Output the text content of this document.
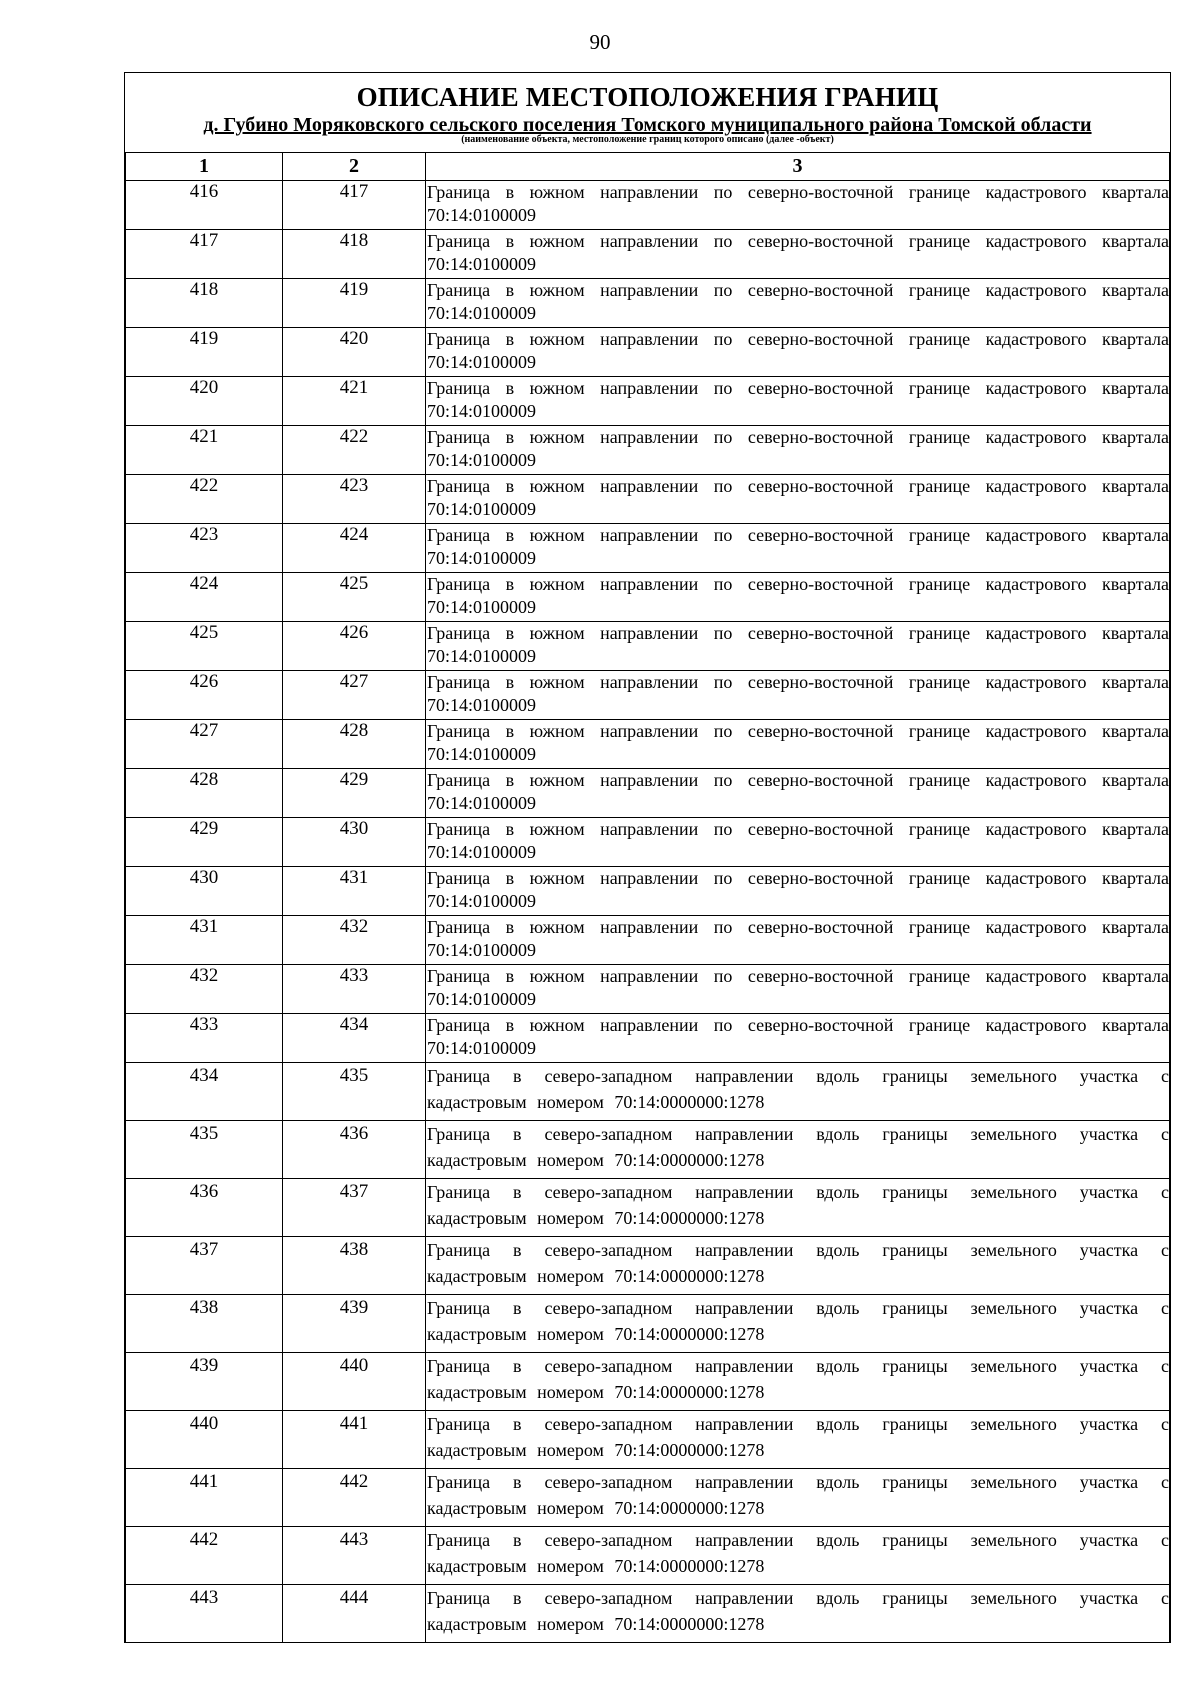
90
ОПИСАНИЕ МЕСТОПОЛОЖЕНИЯ ГРАНИЦ
д. Губино Моряковского сельского поселения Томского муниципального района Томской области
(наименование объекта, местоположение границ которого описано (далее -объект)
1	2	3
416	417	Граница в южном направлении по северно-восточной границе кадастрового квартала
70:14:0100009

417	418	Граница в южном направлении по северно-восточной границе кадастрового квартала
70:14:0100009

418	419	Граница в южном направлении по северно-восточной границе кадастрового квартала
70:14:0100009

419	420	Граница в южном направлении по северно-восточной границе кадастрового квартала
70:14:0100009

420	421	Граница в южном направлении по северно-восточной границе кадастрового квартала
70:14:0100009

421	422	Граница в южном направлении по северно-восточной границе кадастрового квартала
70:14:0100009

422	423	Граница в южном направлении по северно-восточной границе кадастрового квартала
70:14:0100009

423	424	Граница в южном направлении по северно-восточной границе кадастрового квартала
70:14:0100009

424	425	Граница в южном направлении по северно-восточной границе кадастрового квартала
70:14:0100009

425	426	Граница в южном направлении по северно-восточной границе кадастрового квартала
70:14:0100009

426	427	Граница в южном направлении по северно-восточной границе кадастрового квартала
70:14:0100009

427	428	Граница в южном направлении по северно-восточной границе кадастрового квартала
70:14:0100009

428	429	Граница в южном направлении по северно-восточной границе кадастрового квартала
70:14:0100009

429	430	Граница в южном направлении по северно-восточной границе кадастрового квартала
70:14:0100009

430	431	Граница в южном направлении по северно-восточной границе кадастрового квартала
70:14:0100009

431	432	Граница в южном направлении по северно-восточной границе кадастрового квартала
70:14:0100009

432	433	Граница в южном направлении по северно-восточной границе кадастрового квартала
70:14:0100009

433	434	Граница в южном направлении по северно-восточной границе кадастрового квартала
70:14:0100009

434	435	Граница в северо-западном направлении вдоль границы земельного участка с
кадастровым номером 70:14:0000000:1278

435	436	Граница в северо-западном направлении вдоль границы земельного участка с
кадастровым номером 70:14:0000000:1278

436	437	Граница в северо-западном направлении вдоль границы земельного участка с
кадастровым номером 70:14:0000000:1278

437	438	Граница в северо-западном направлении вдоль границы земельного участка с
кадастровым номером 70:14:0000000:1278

438	439	Граница в северо-западном направлении вдоль границы земельного участка с
кадастровым номером 70:14:0000000:1278

439	440	Граница в северо-западном направлении вдоль границы земельного участка с
кадастровым номером 70:14:0000000:1278

440	441	Граница в северо-западном направлении вдоль границы земельного участка с
кадастровым номером 70:14:0000000:1278

441	442	Граница в северо-западном направлении вдоль границы земельного участка с
кадастровым номером 70:14:0000000:1278

442	443	Граница в северо-западном направлении вдоль границы земельного участка с
кадастровым номером 70:14:0000000:1278

443	444	Граница в северо-западном направлении вдоль границы земельного участка с
кадастровым номером 70:14:0000000:1278
